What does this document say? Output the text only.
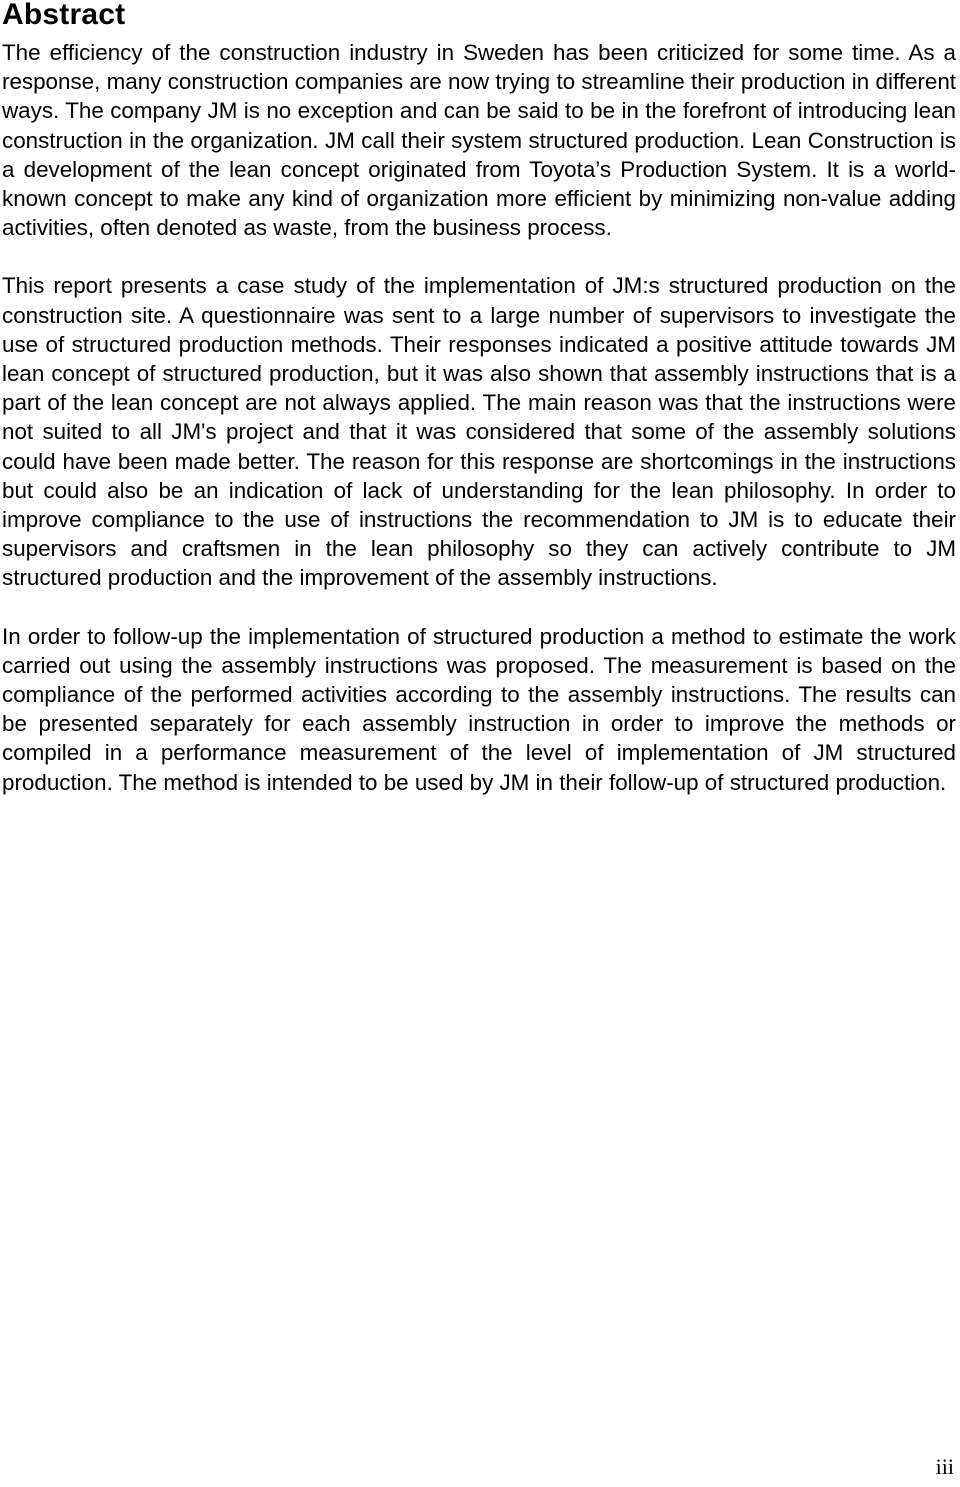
Abstract

The efficiency of the construction industry in Sweden has been criticized for some time. As a response, many construction companies are now trying to streamline their production in different ways. The company JM is no exception and can be said to be in the forefront of introducing lean construction in the organization. JM call their system structured production. Lean Construction is a development of the lean concept originated from Toyota’s Production System. It is a world-known concept to make any kind of organization more efficient by minimizing non-value adding activities, often denoted as waste, from the business process.

This report presents a case study of the implementation of JM:s structured production on the construction site. A questionnaire was sent to a large number of supervisors to investigate the use of structured production methods. Their responses indicated a positive attitude towards JM lean concept of structured production, but it was also shown that assembly instructions that is a part of the lean concept are not always applied. The main reason was that the instructions were not suited to all JM's project and that it was considered that some of the assembly solutions could have been made better. The reason for this response are shortcomings in the instructions but could also be an indication of lack of understanding for the lean philosophy. In order to improve compliance to the use of instructions the recommendation to JM is to educate their supervisors and craftsmen in the lean philosophy so they can actively contribute to JM structured production and the improvement of the assembly instructions.

In order to follow-up the implementation of structured production a method to estimate the work carried out using the assembly instructions was proposed. The measurement is based on the compliance of the performed activities according to the assembly instructions. The results can be presented separately for each assembly instruction in order to improve the methods or compiled in a performance measurement of the level of implementation of JM structured production. The method is intended to be used by JM in their follow-up of structured production.

iii
